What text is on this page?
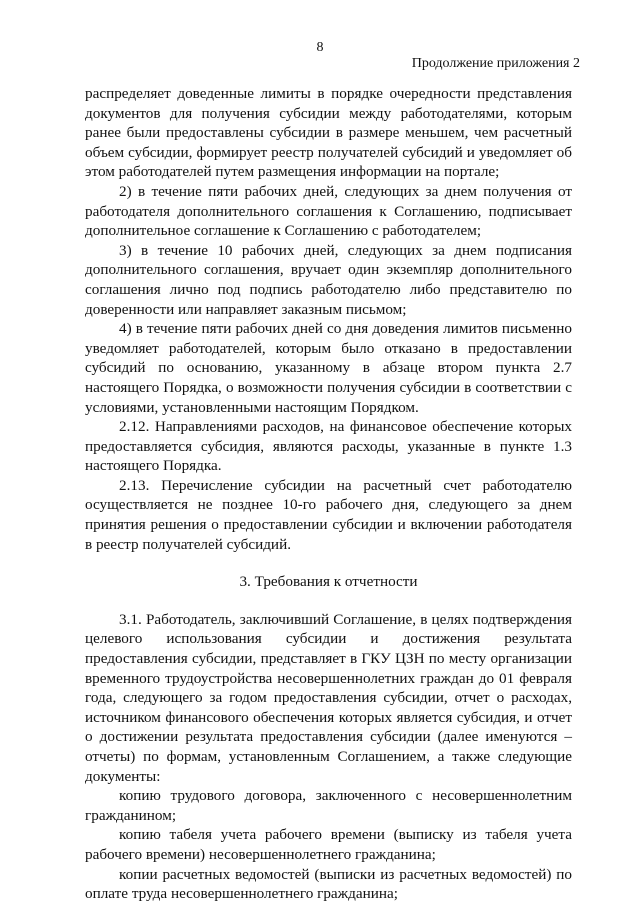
8
Продолжение приложения 2

распределяет доведенные лимиты в порядке очередности представления документов для получения субсидии между работодателями, которым ранее были предоставлены субсидии в размере меньшем, чем расчетный объем субсидии, формирует реестр получателей субсидий и уведомляет об этом работодателей путем размещения информации на портале;

2) в течение пяти рабочих дней, следующих за днем получения от работодателя дополнительного соглашения к Соглашению, подписывает дополнительное соглашение к Соглашению с работодателем;

3) в течение 10 рабочих дней, следующих за днем подписания дополнительного соглашения, вручает один экземпляр дополнительного соглашения лично под подпись работодателю либо представителю по доверенности или направляет заказным письмом;

4) в течение пяти рабочих дней со дня доведения лимитов письменно уведомляет работодателей, которым было отказано в предоставлении субсидий по основанию, указанному в абзаце втором пункта 2.7 настоящего Порядка, о возможности получения субсидии в соответствии с условиями, установленными настоящим Порядком.

2.12. Направлениями расходов, на финансовое обеспечение которых предоставляется субсидия, являются расходы, указанные в пункте 1.3 настоящего Порядка.

2.13. Перечисление субсидии на расчетный счет работодателю осуществляется не позднее 10-го рабочего дня, следующего за днем принятия решения о предоставлении субсидии и включении работодателя в реестр получателей субсидий.

3. Требования к отчетности

3.1. Работодатель, заключивший Соглашение, в целях подтверждения целевого использования субсидии и достижения результата предоставления субсидии, представляет в ГКУ ЦЗН по месту организации временного трудоустройства несовершеннолетних граждан до 01 февраля года, следующего за годом предоставления субсидии, отчет о расходах, источником финансового обеспечения которых является субсидия, и отчет о достижении результата предоставления субсидии (далее именуются – отчеты) по формам, установленным Соглашением, а также следующие документы:

копию трудового договора, заключенного с несовершеннолетним гражданином;

копию табеля учета рабочего времени (выписку из табеля учета рабочего времени) несовершеннолетнего гражданина;

копии расчетных ведомостей (выписки из расчетных ведомостей) по оплате труда несовершеннолетнего гражданина;
